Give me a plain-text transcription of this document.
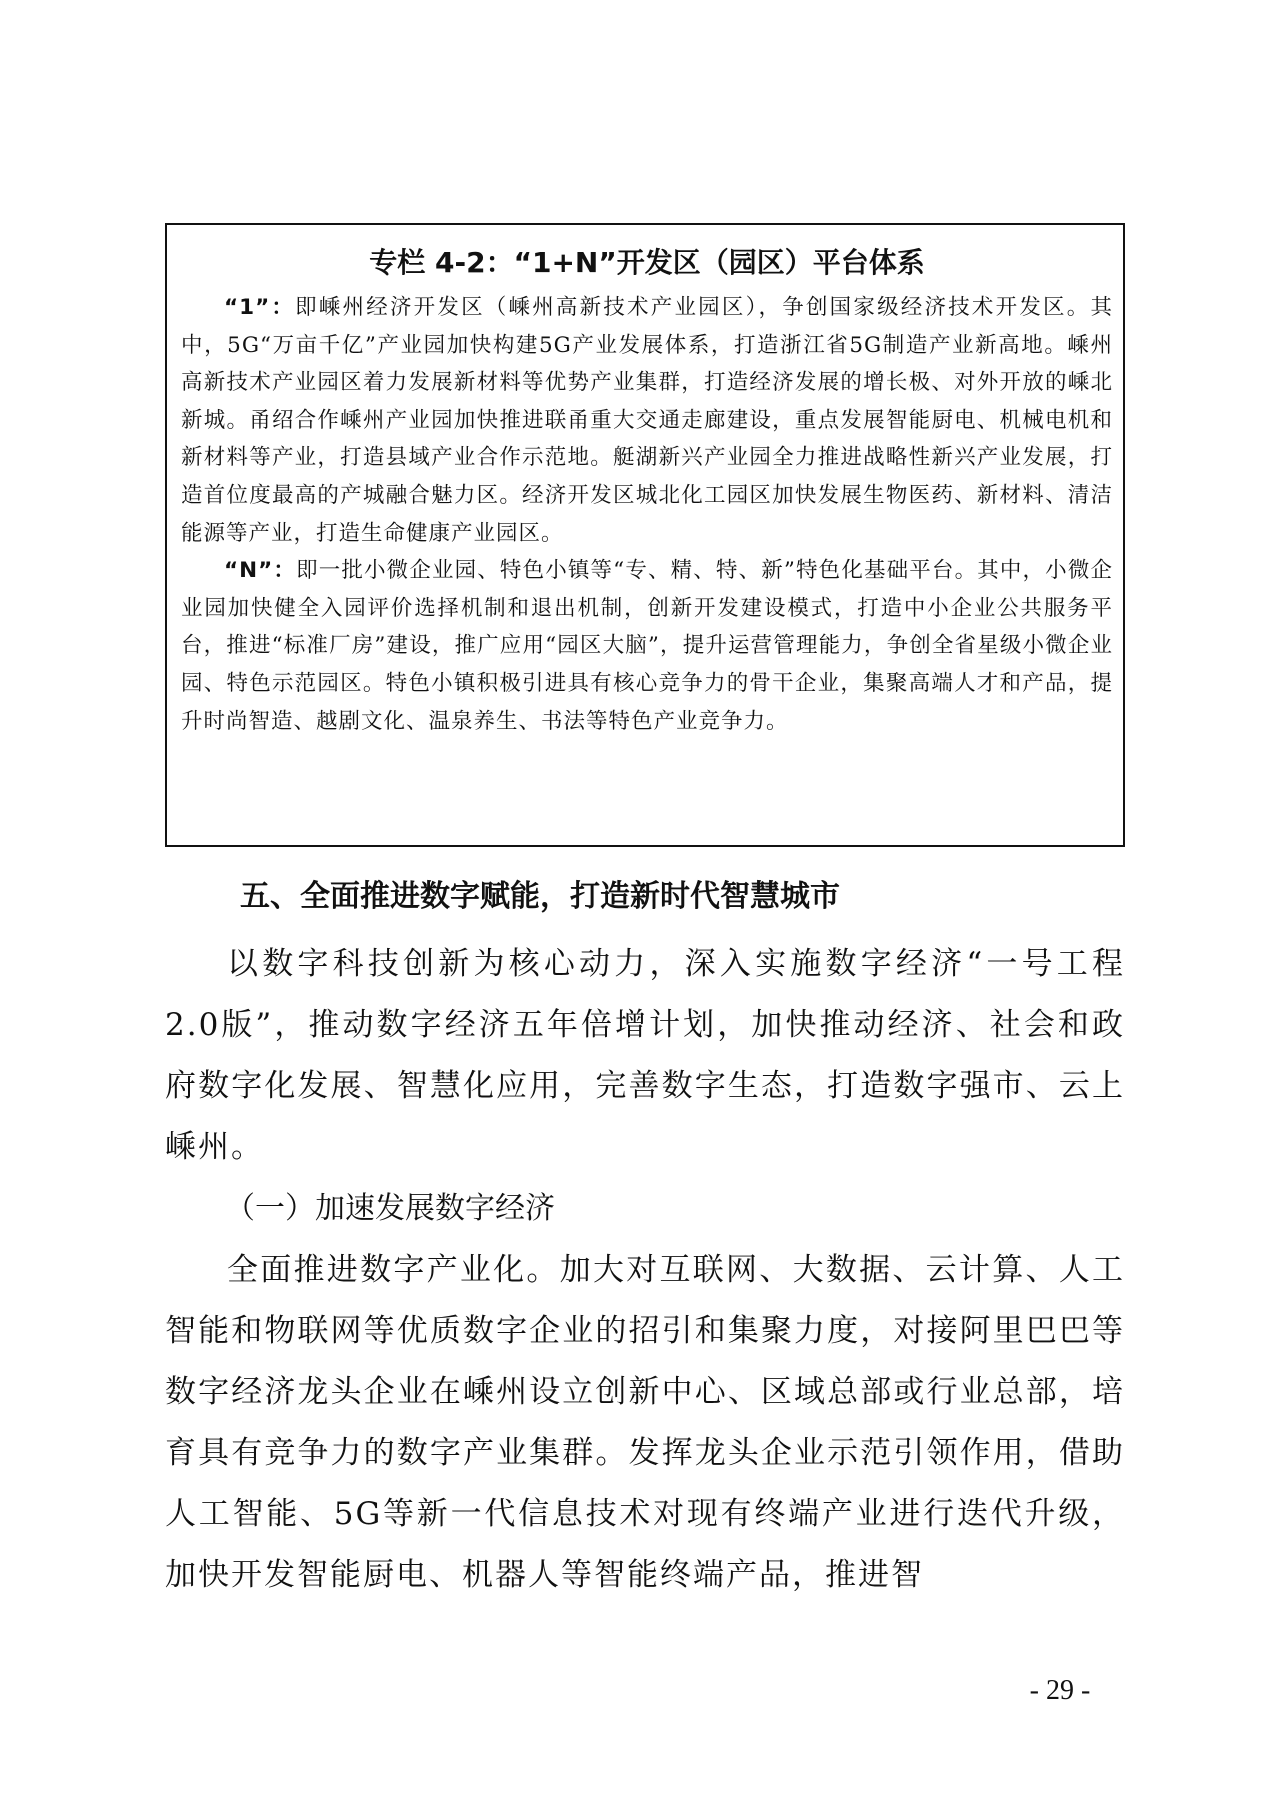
专栏 4-2：“1+N”开发区（园区）平台体系

“1”：即嵊州经济开发区（嵊州高新技术产业园区），争创国家级经济技术开发区。其中，5G“万亩千亿”产业园加快构建5G产业发展体系，打造浙江省5G制造产业新高地。嵊州高新技术产业园区着力发展新材料等优势产业集群，打造经济发展的增长极、对外开放的嵊北新城。甬绍合作嵊州产业园加快推进联甬重大交通走廊建设，重点发展智能厨电、机械电机和新材料等产业，打造县域产业合作示范地。艇湖新兴产业园全力推进战略性新兴产业发展，打造首位度最高的产城融合魅力区。经济开发区城北化工园区加快发展生物医药、新材料、清洁能源等产业，打造生命健康产业园区。

“N”：即一批小微企业园、特色小镇等“专、精、特、新”特色化基础平台。其中，小微企业园加快健全入园评价选择机制和退出机制，创新开发建设模式，打造中小企业公共服务平台，推进“标准厂房”建设，推广应用“园区大脑”，提升运营管理能力，争创全省星级小微企业园、特色示范园区。特色小镇积极引进具有核心竞争力的骨干企业，集聚高端人才和产品，提升时尚智造、越剧文化、温泉养生、书法等特色产业竞争力。

五、全面推进数字赋能，打造新时代智慧城市

以数字科技创新为核心动力，深入实施数字经济“一号工程2.0版”，推动数字经济五年倍增计划，加快推动经济、社会和政府数字化发展、智慧化应用，完善数字生态，打造数字强市、云上嵊州。

（一）加速发展数字经济

全面推进数字产业化。加大对互联网、大数据、云计算、人工智能和物联网等优质数字企业的招引和集聚力度，对接阿里巴巴等数字经济龙头企业在嵊州设立创新中心、区域总部或行业总部，培育具有竞争力的数字产业集群。发挥龙头企业示范引领作用，借助人工智能、5G等新一代信息技术对现有终端产业进行迭代升级，加快开发智能厨电、机器人等智能终端产品，推进智

- 29 -
